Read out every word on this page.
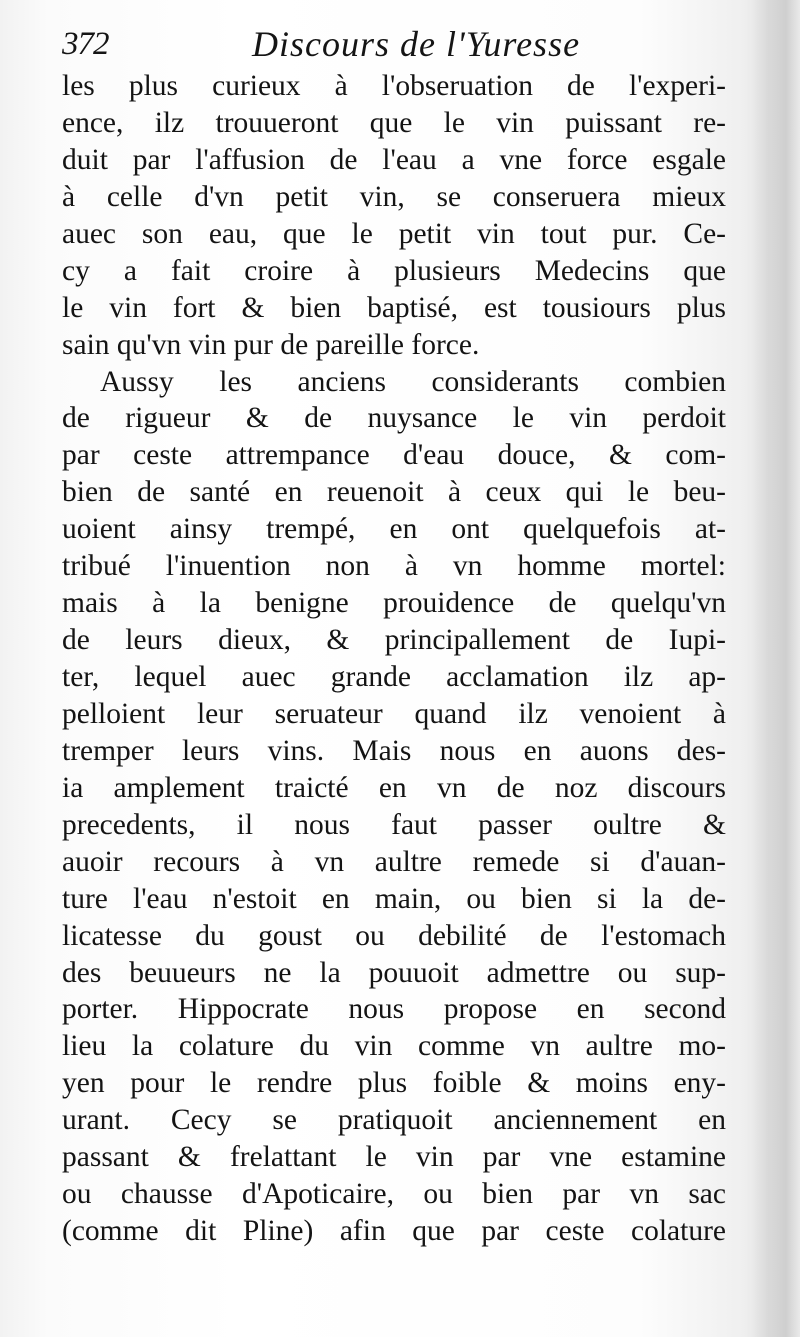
372	Discours de l'Yuresse
les plus curieux à l'obseruation de l'experi-
ence, ilz trouueront que le vin puissant re-
duit par l'affusion de l'eau a vne force esgale
à celle d'vn petit vin, se conseruera mieux
auec son eau, que le petit vin tout pur. Ce-
cy a fait croire à plusieurs Medecins que
le vin fort & bien baptisé, est tousiours plus
sain qu'vn vin pur de pareille force.
Aussy les anciens considerants combien
de rigueur & de nuysance le vin perdoit
par ceste attrempance d'eau douce, & com-
bien de santé en reuenoit à ceux qui le beu-
uoient ainsy trempé, en ont quelquefois at-
tribué l'inuention non à vn homme mortel:
mais à la benigne prouidence de quelqu'vn
de leurs dieux, & principallement de Iupi-
ter, lequel auec grande acclamation ilz ap-
pelloient leur seruateur quand ilz venoient à
tremper leurs vins. Mais nous en auons des-
ia amplement traicté en vn de noz discours
precedents, il nous faut passer oultre &
auoir recours à vn aultre remede si d'auan-
ture l'eau n'estoit en main, ou bien si la de-
licatesse du goust ou debilité de l'estomach
des beuueurs ne la pouuoit admettre ou sup-
porter. Hippocrate nous propose en second
lieu la colature du vin comme vn aultre mo-
yen pour le rendre plus foible & moins eny-
urant. Cecy se pratiquoit anciennement en
passant & frelattant le vin par vne estamine
ou chausse d'Apoticaire, ou bien par vn sac
(comme dit Pline) afin que par ceste colature
